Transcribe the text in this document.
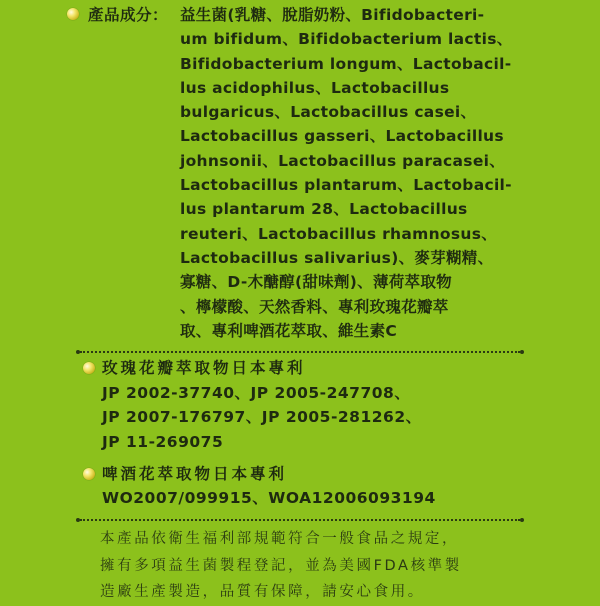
產品成分： 益生菌(乳糖、脫脂奶粉、Bifidobacteri-
um bifidum、Bifidobacterium lactis、
Bifidobacterium longum、Lactobacil-
lus acidophilus、Lactobacillus
bulgaricus、Lactobacillus casei、
Lactobacillus gasseri、Lactobacillus
johnsonii、Lactobacillus paracasei、
Lactobacillus plantarum、Lactobacil-
lus plantarum 28、Lactobacillus
reuteri、Lactobacillus rhamnosus、
Lactobacillus salivarius)、麥芽糊精、
寡糖、D-木醣醇(甜味劑)、薄荷萃取物
、檸檬酸、天然香料、專利玫瑰花瓣萃
取、專利啤酒花萃取、維生素C
玫瑰花瓣萃取物日本專利
JP 2002-37740、JP 2005-247708、
JP 2007-176797、JP 2005-281262、
JP 11-269075
啤酒花萃取物日本專利
WO2007/099915、WOA12006093194
本產品依衛生福利部規範符合一般食品之規定，
擁有多項益生菌製程登記，並為美國FDA核準製
造廠生產製造，品質有保障，請安心食用。
